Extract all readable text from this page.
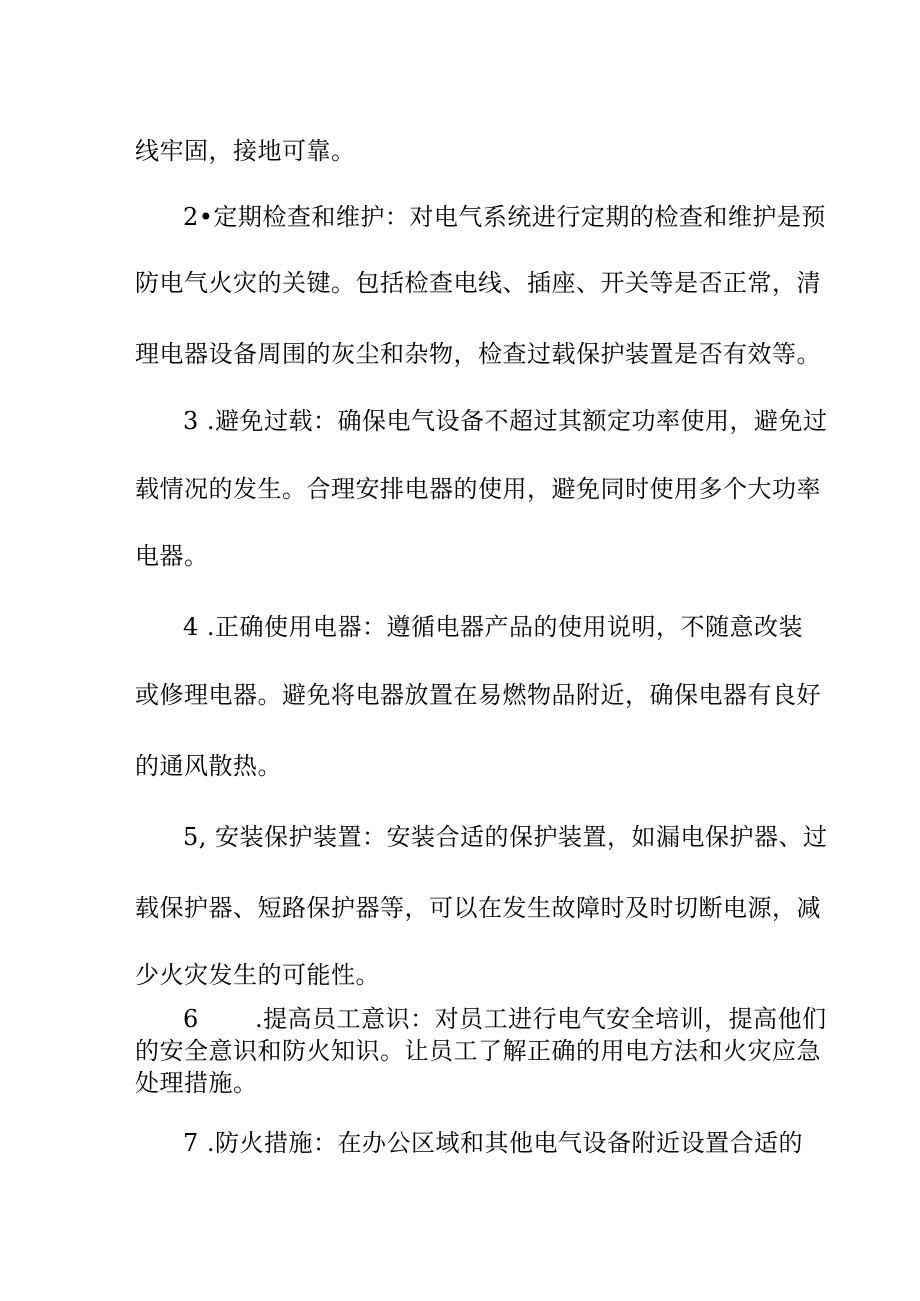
线牢固，接地可靠。
2•定期检查和维护：对电气系统进行定期的检查和维护是预
防电气火灾的关键。包括检查电线、插座、开关等是否正常，清
理电器设备周围的灰尘和杂物，检查过载保护装置是否有效等。
3 .避免过载：确保电气设备不超过其额定功率使用，避免过
载情况的发生。合理安排电器的使用，避免同时使用多个大功率
电器。
4 .正确使用电器：遵循电器产品的使用说明，不随意改装
或修理电器。避免将电器放置在易燃物品附近，确保电器有良好
的通风散热。
5, 安装保护装置：安装合适的保护装置，如漏电保护器、过
载保护器、短路保护器等，可以在发生故障时及时切断电源，减
少火灾发生的可能性。
6 .提高员工意识：对员工进行电气安全培训，提高他们
的安全意识和防火知识。让员工了解正确的用电方法和火灾应急
处理措施。
7 .防火措施：在办公区域和其他电气设备附近设置合适的
